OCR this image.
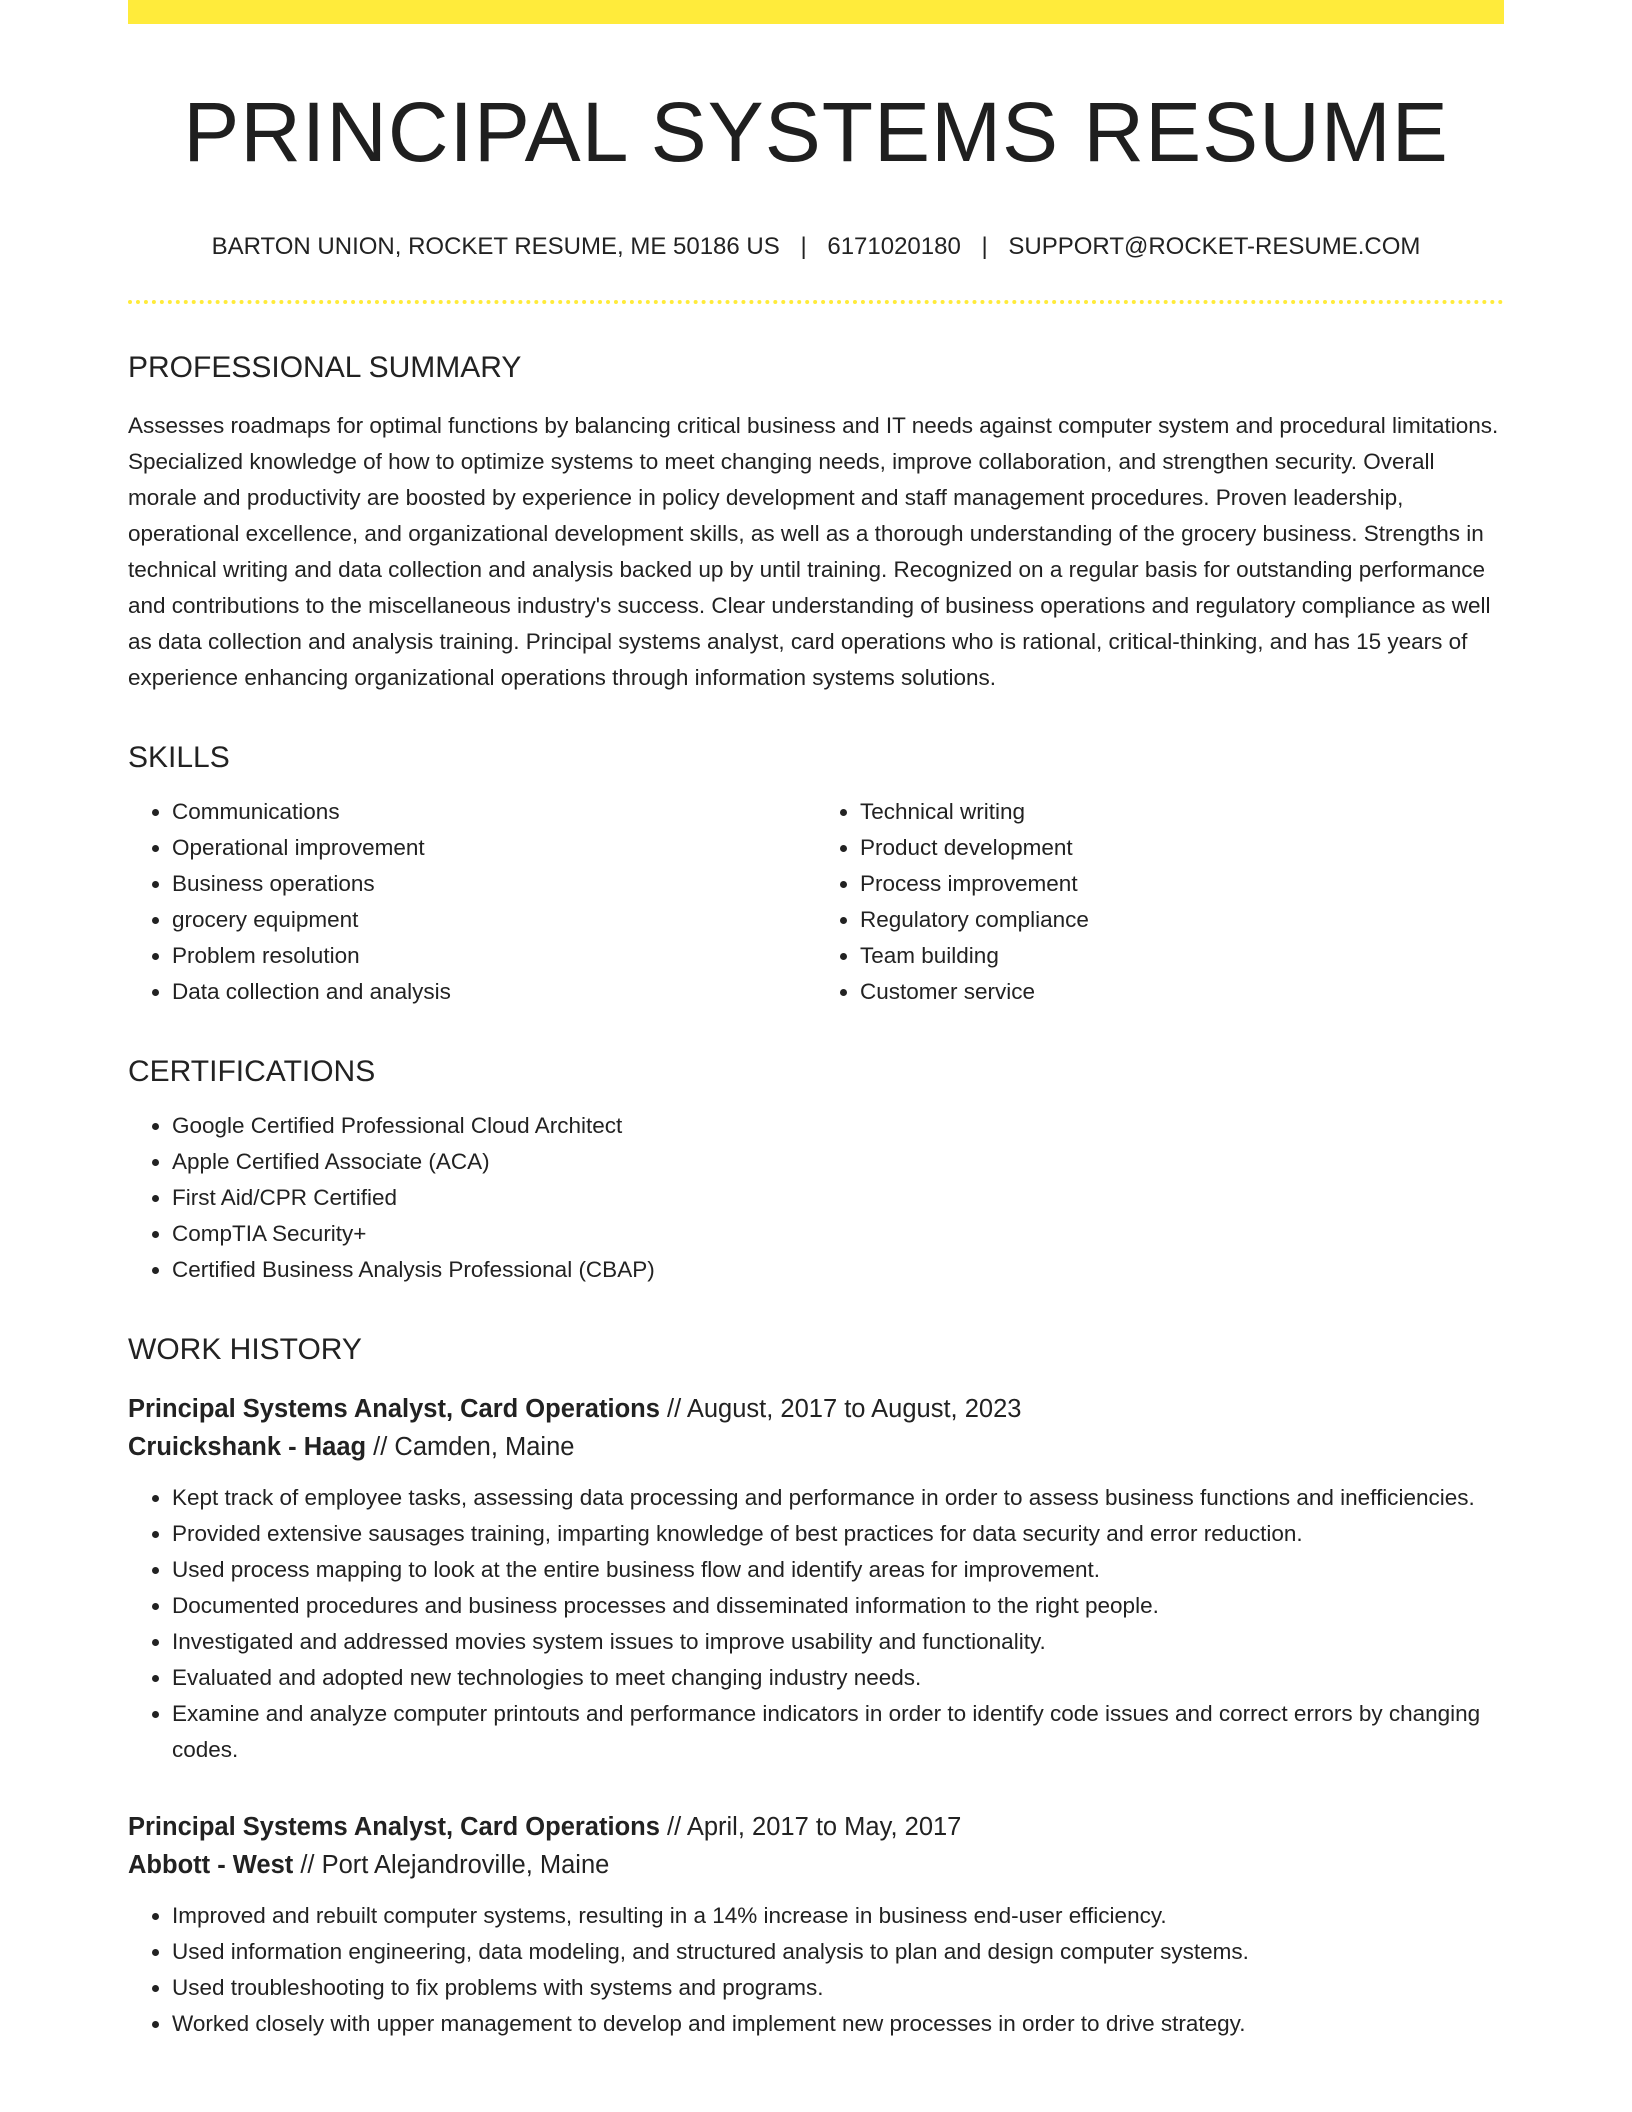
PRINCIPAL SYSTEMS RESUME
BARTON UNION, ROCKET RESUME, ME 50186 US | 6171020180 | SUPPORT@ROCKET-RESUME.COM
PROFESSIONAL SUMMARY
Assesses roadmaps for optimal functions by balancing critical business and IT needs against computer system and procedural limitations. Specialized knowledge of how to optimize systems to meet changing needs, improve collaboration, and strengthen security. Overall morale and productivity are boosted by experience in policy development and staff management procedures. Proven leadership, operational excellence, and organizational development skills, as well as a thorough understanding of the grocery business. Strengths in technical writing and data collection and analysis backed up by until training. Recognized on a regular basis for outstanding performance and contributions to the miscellaneous industry's success. Clear understanding of business operations and regulatory compliance as well as data collection and analysis training. Principal systems analyst, card operations who is rational, critical-thinking, and has 15 years of experience enhancing organizational operations through information systems solutions.
SKILLS
• Communications
• Operational improvement
• Business operations
• grocery equipment
• Problem resolution
• Data collection and analysis
• Technical writing
• Product development
• Process improvement
• Regulatory compliance
• Team building
• Customer service
CERTIFICATIONS
• Google Certified Professional Cloud Architect
• Apple Certified Associate (ACA)
• First Aid/CPR Certified
• CompTIA Security+
• Certified Business Analysis Professional (CBAP)
WORK HISTORY
Principal Systems Analyst, Card Operations // August, 2017 to August, 2023
Cruickshank - Haag // Camden, Maine
• Kept track of employee tasks, assessing data processing and performance in order to assess business functions and inefficiencies.
• Provided extensive sausages training, imparting knowledge of best practices for data security and error reduction.
• Used process mapping to look at the entire business flow and identify areas for improvement.
• Documented procedures and business processes and disseminated information to the right people.
• Investigated and addressed movies system issues to improve usability and functionality.
• Evaluated and adopted new technologies to meet changing industry needs.
• Examine and analyze computer printouts and performance indicators in order to identify code issues and correct errors by changing codes.
Principal Systems Analyst, Card Operations // April, 2017 to May, 2017
Abbott - West // Port Alejandroville, Maine
• Improved and rebuilt computer systems, resulting in a 14% increase in business end-user efficiency.
• Used information engineering, data modeling, and structured analysis to plan and design computer systems.
• Used troubleshooting to fix problems with systems and programs.
• Worked closely with upper management to develop and implement new processes in order to drive strategy.
